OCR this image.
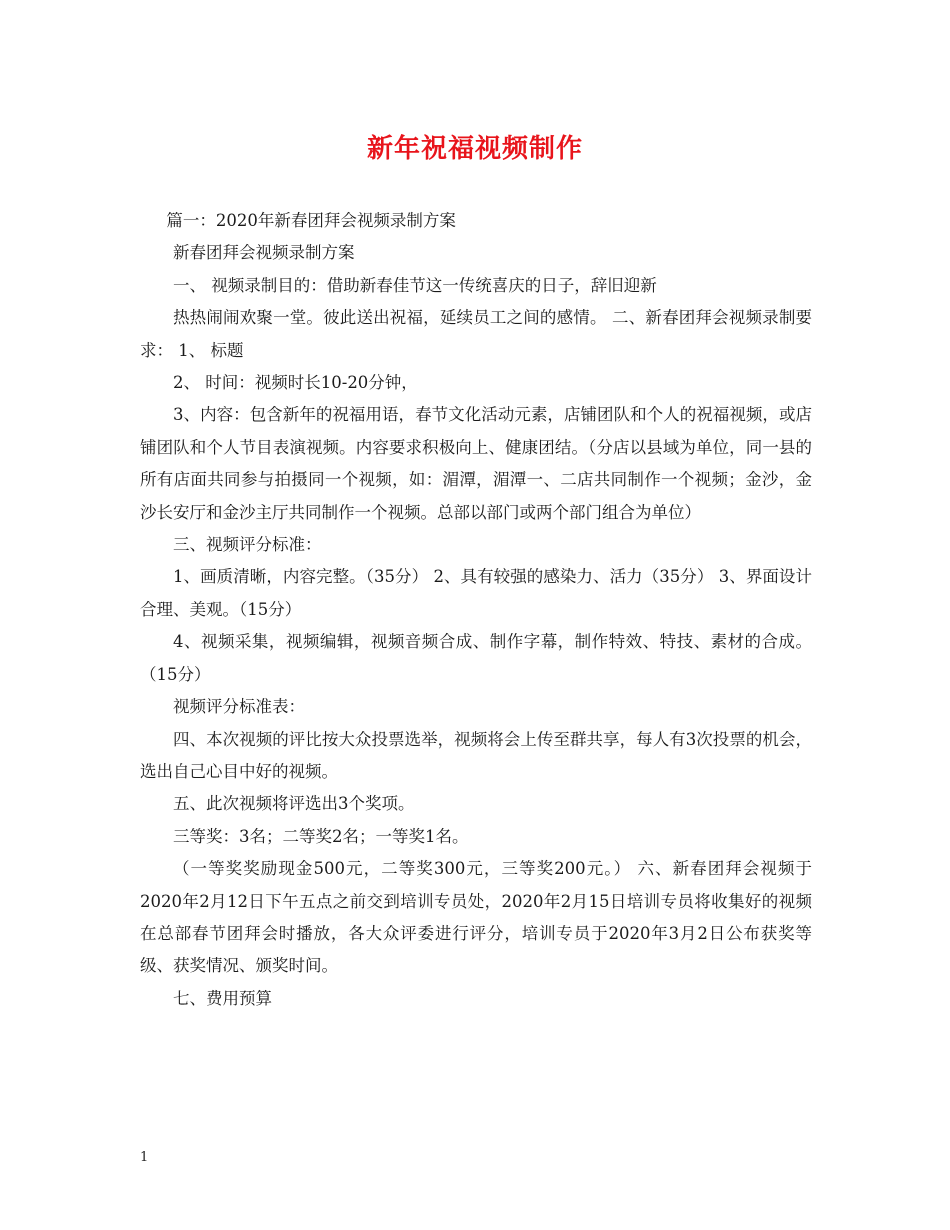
新年祝福视频制作

篇一：2020年新春团拜会视频录制方案

新春团拜会视频录制方案

一、 视频录制目的：借助新春佳节这一传统喜庆的日子，辞旧迎新

热热闹闹欢聚一堂。彼此送出祝福，延续员工之间的感情。 二、新春团拜会视频录制要求： 1、 标题

2、 时间：视频时长10-20分钟，

3、内容：包含新年的祝福用语，春节文化活动元素，店铺团队和个人的祝福视频，或店铺团队和个人节目表演视频。内容要求积极向上、健康团结。（分店以县域为单位，同一县的所有店面共同参与拍摄同一个视频，如：湄潭，湄潭一、二店共同制作一个视频；金沙，金沙长安厅和金沙主厅共同制作一个视频。总部以部门或两个部门组合为单位）

三、视频评分标准：

1、画质清晰，内容完整。（35分） 2、具有较强的感染力、活力（35分） 3、界面设计合理、美观。（15分）

4、视频采集，视频编辑，视频音频合成、制作字幕，制作特效、特技、素材的合成。（15分）

视频评分标准表：

四、本次视频的评比按大众投票选举，视频将会上传至群共享，每人有3次投票的机会，选出自己心目中好的视频。

五、此次视频将评选出3个奖项。

三等奖：3名；二等奖2名；一等奖1名。

（一等奖奖励现金500元，二等奖300元，三等奖200元。） 六、新春团拜会视频于2020年2月12日下午五点之前交到培训专员处，2020年2月15日培训专员将收集好的视频在总部春节团拜会时播放，各大众评委进行评分，培训专员于2020年3月2日公布获奖等级、获奖情况、颁奖时间。

七、费用预算

1
